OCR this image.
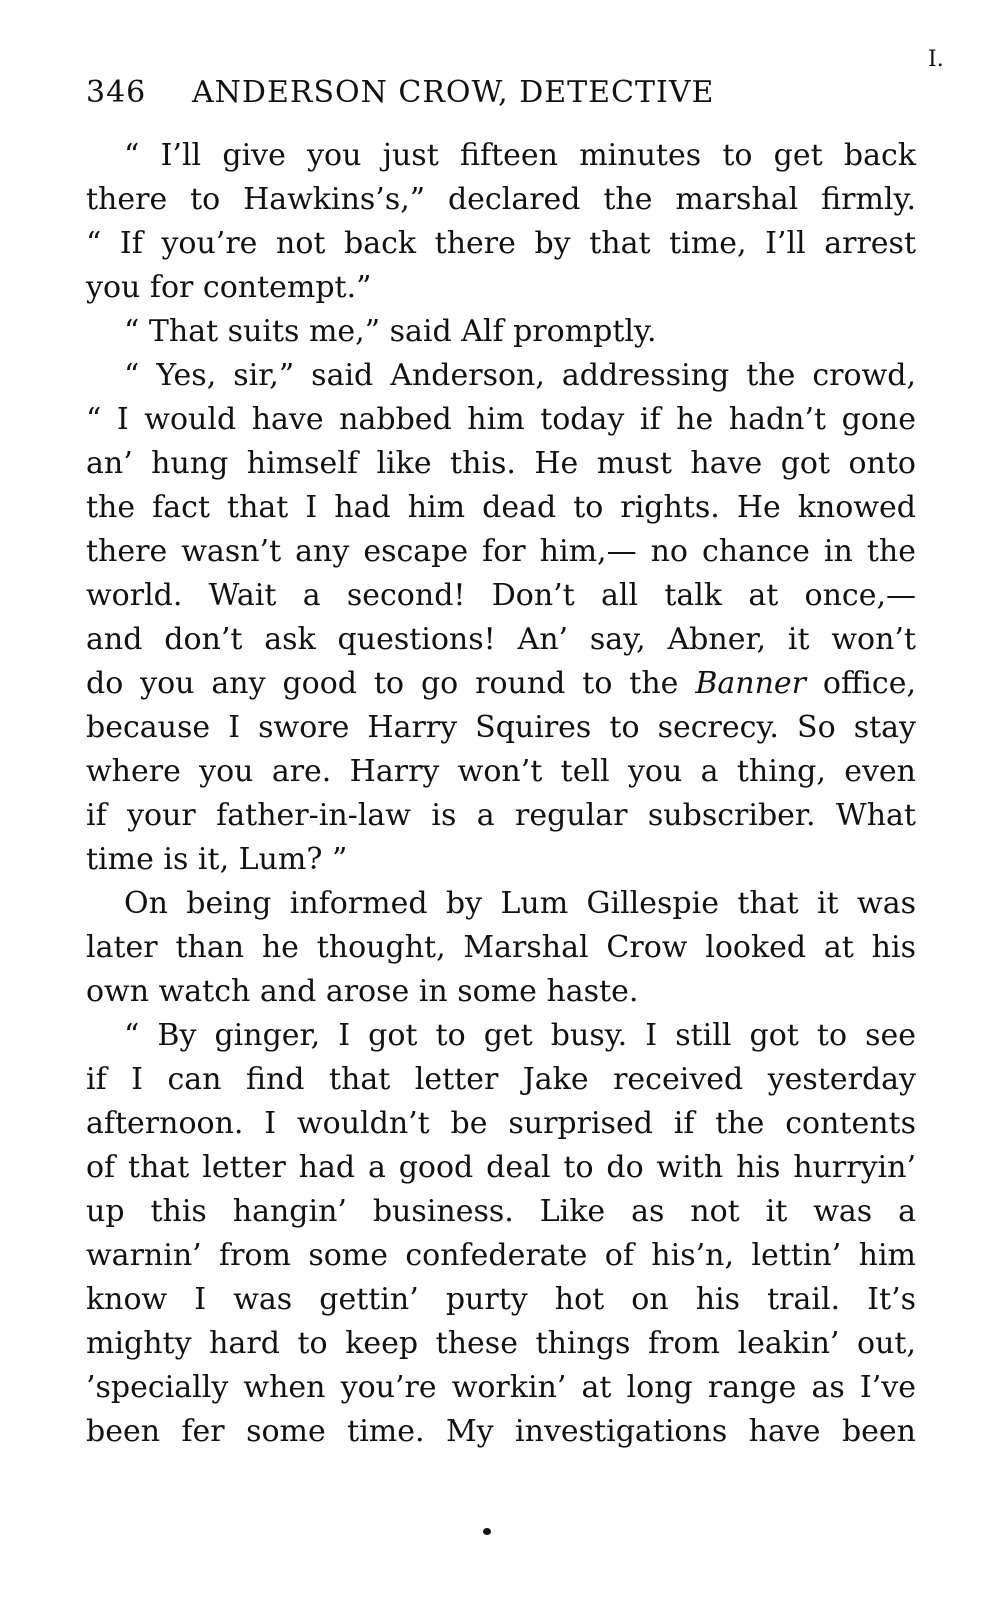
346 ANDERSON CROW, DETECTIVE
I.
“ I’ll give you just fifteen minutes to get back
there to Hawkins’s,” declared the marshal firmly.
“ If you’re not back there by that time, I’ll arrest
you for contempt.”
“ That suits me,” said Alf promptly.
“ Yes, sir,” said Anderson, addressing the crowd,
“ I would have nabbed him today if he hadn’t gone
an’ hung himself like this. He must have got onto
the fact that I had him dead to rights. He knowed
there wasn’t any escape for him,— no chance in the
world. Wait a second! Don’t all talk at once,—
and don’t ask questions! An’ say, Abner, it won’t
do you any good to go round to the Banner office,
because I swore Harry Squires to secrecy. So stay
where you are. Harry won’t tell you a thing, even
if your father-in-law is a regular subscriber. What
time is it, Lum? ”
On being informed by Lum Gillespie that it was
later than he thought, Marshal Crow looked at his
own watch and arose in some haste.
“ By ginger, I got to get busy. I still got to see
if I can find that letter Jake received yesterday
afternoon. I wouldn’t be surprised if the contents
of that letter had a good deal to do with his hurryin’
up this hangin’ business. Like as not it was a
warnin’ from some confederate of his’n, lettin’ him
know I was gettin’ purty hot on his trail. It’s
mighty hard to keep these things from leakin’ out,
’specially when you’re workin’ at long range as I’ve
been fer some time. My investigations have been
